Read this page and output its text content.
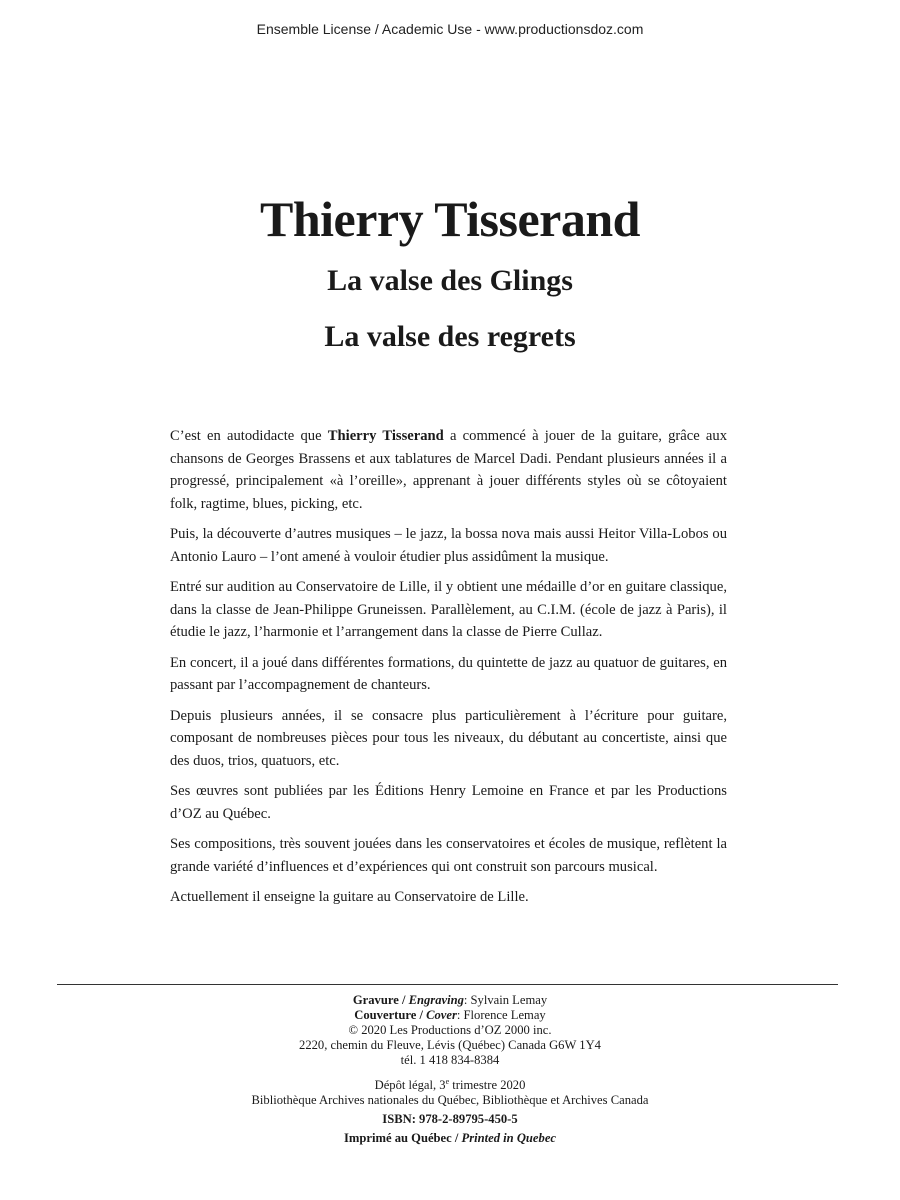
Ensemble License / Academic Use - www.productionsdoz.com
Thierry Tisserand
La valse des Glings
La valse des regrets

C’est en autodidacte que Thierry Tisserand a commencé à jouer de la guitare, grâce aux chansons de Georges Brassens et aux tablatures de Marcel Dadi. Pendant plusieurs années il a progressé, principalement «à l’oreille», apprenant à jouer différents styles où se côtoyaient folk, ragtime, blues, picking, etc.

Puis, la découverte d’autres musiques – le jazz, la bossa nova mais aussi Heitor Villa-Lobos ou Antonio Lauro – l’ont amené à vouloir étudier plus assidûment la musique.

Entré sur audition au Conservatoire de Lille, il y obtient une médaille d’or en guitare classique, dans la classe de Jean-Philippe Gruneissen. Parallèlement, au C.I.M. (école de jazz à Paris), il étudie le jazz, l’harmonie et l’arrangement dans la classe de Pierre Cullaz.

En concert, il a joué dans différentes formations, du quintette de jazz au quatuor de guitares, en passant par l’accompagnement de chanteurs.

Depuis plusieurs années, il se consacre plus particulièrement à l’écriture pour guitare, composant de nombreuses pièces pour tous les niveaux, du débutant au concertiste, ainsi que des duos, trios, quatuors, etc.

Ses œuvres sont publiées par les Éditions Henry Lemoine en France et par les Productions d’OZ au Québec.

Ses compositions, très souvent jouées dans les conservatoires et écoles de musique, reflètent la grande variété d’influences et d’expériences qui ont construit son parcours musical.

Actuellement il enseigne la guitare au Conservatoire de Lille.

Gravure / Engraving: Sylvain Lemay
Couverture / Cover: Florence Lemay
© 2020 Les Productions d’OZ 2000 inc.
2220, chemin du Fleuve, Lévis (Québec) Canada G6W 1Y4
tél. 1 418 834-8384
Dépôt légal, 3e trimestre 2020
Bibliothèque Archives nationales du Québec, Bibliothèque et Archives Canada
ISBN: 978-2-89795-450-5
Imprimé au Québec / Printed in Quebec
